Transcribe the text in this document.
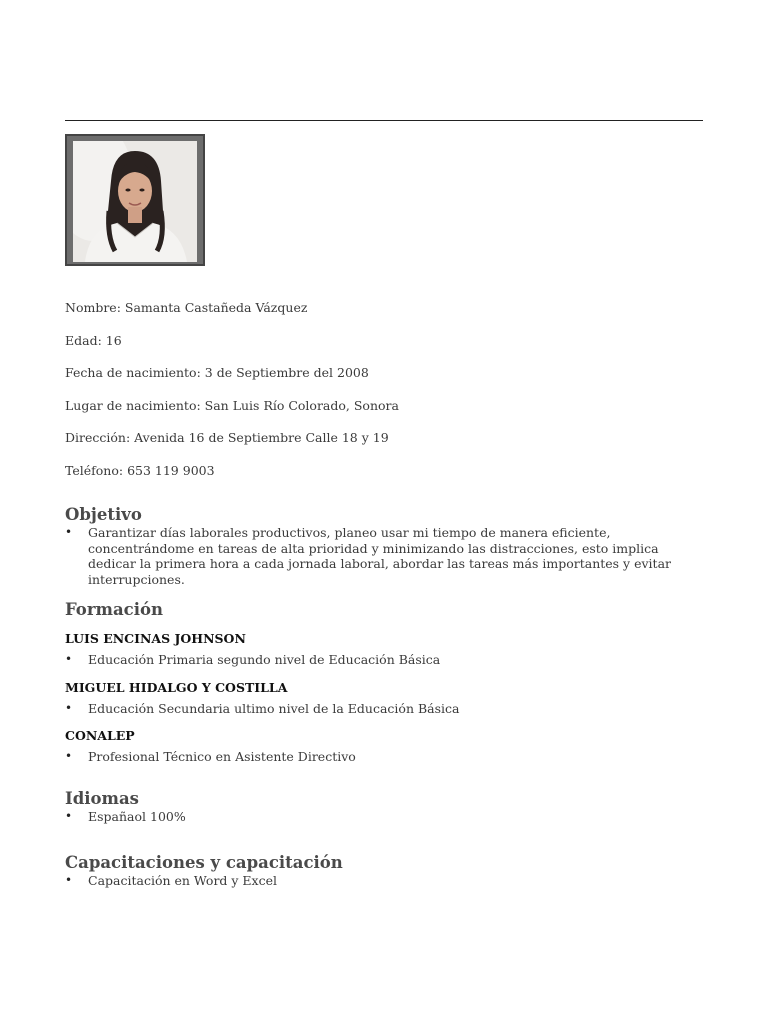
Nombre: Samanta Castañeda Vázquez
Edad: 16
Fecha de nacimiento: 3 de Septiembre del 2008
Lugar de nacimiento: San Luis Río Colorado, Sonora
Dirección: Avenida 16 de Septiembre Calle 18 y 19
Teléfono: 653 119 9003
Objetivo
• Garantizar días laborales productivos, planeo usar mi tiempo de manera eficiente, concentrándome en tareas de alta prioridad y minimizando las distracciones, esto implica dedicar la primera hora a cada jornada laboral, abordar las tareas más importantes y evitar interrupciones.
Formación
LUIS ENCINAS JOHNSON
• Educación Primaria segundo nivel de Educación Básica
MIGUEL HIDALGO Y COSTILLA
• Educación Secundaria ultimo nivel de la Educación Básica
CONALEP
• Profesional Técnico en Asistente Directivo
Idiomas
• Españaol 100%
Capacitaciones y capacitación
• Capacitación en Word y Excel
